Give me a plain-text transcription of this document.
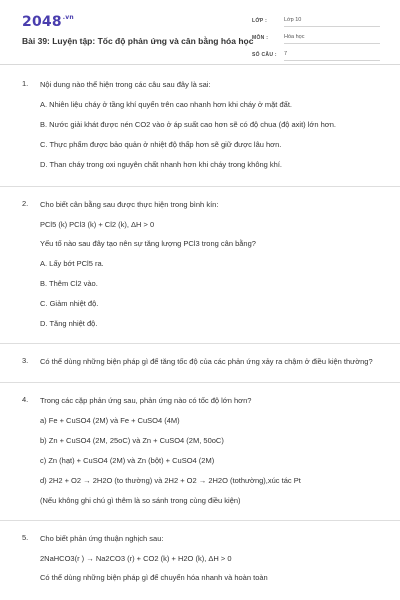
$2048^{.vn}$
Bài 39: Luyện tập: Tốc độ phản ứng và cân bằng hóa học
LỚP :	Lớp 10
MÔN :	Hóa học
SỐ CÂU :	7
1. Nội dung nào thể hiện trong các câu sau đây là sai:

A. Nhiên liệu cháy ở tầng khí quyển trên cao nhanh hơn khi cháy ở mặt đất.

B. Nước giải khát được nén CO2 vào ở áp suất cao hơn sẽ có độ chua (độ axit) lớn hơn.

C. Thực phẩm được bảo quản ở nhiệt độ thấp hơn sẽ giữ được lâu hơn.

D. Than cháy trong oxi nguyên chất nhanh hơn khi cháy trong không khí.

2. Cho biết cân bằng sau được thực hiện trong bình kín:

PCl5 (k) PCl3 (k) + Cl2 (k), ΔH > 0

Yếu tố nào sau đây tạo nên sự tăng lượng PCl3 trong cân bằng?

A. Lấy bớt PCl5 ra.

B. Thêm Cl2 vào.

C. Giảm nhiệt độ.

D. Tăng nhiệt độ.

3. Có thể dùng những biện pháp gì để tăng tốc độ của các phản ứng xảy ra chậm ở điều kiện thường?

4. Trong các cặp phản ứng sau, phản ứng nào có tốc độ lớn hơn?

a) Fe + CuSO4 (2M) và Fe + CuSO4 (4M)

b) Zn + CuSO4 (2M, 25oC) và Zn + CuSO4 (2M, 50oC)

c) Zn (hạt) + CuSO4 (2M) và Zn (bột) + CuSO4 (2M)

d) 2H2 + O2 → 2H2O (to thường) và 2H2 + O2 → 2H2O (tothường),xúc tác Pt

(Nếu không ghi chú gì thêm là so sánh trong cùng điều kiện)

5. Cho biết phản ứng thuận nghịch sau:

2NaHCO3(r ) → Na2CO3 (r) + CO2 (k) + H2O (k), ΔH > 0

Có thể dùng những biện pháp gì để chuyển hóa nhanh và hoàn toàn
